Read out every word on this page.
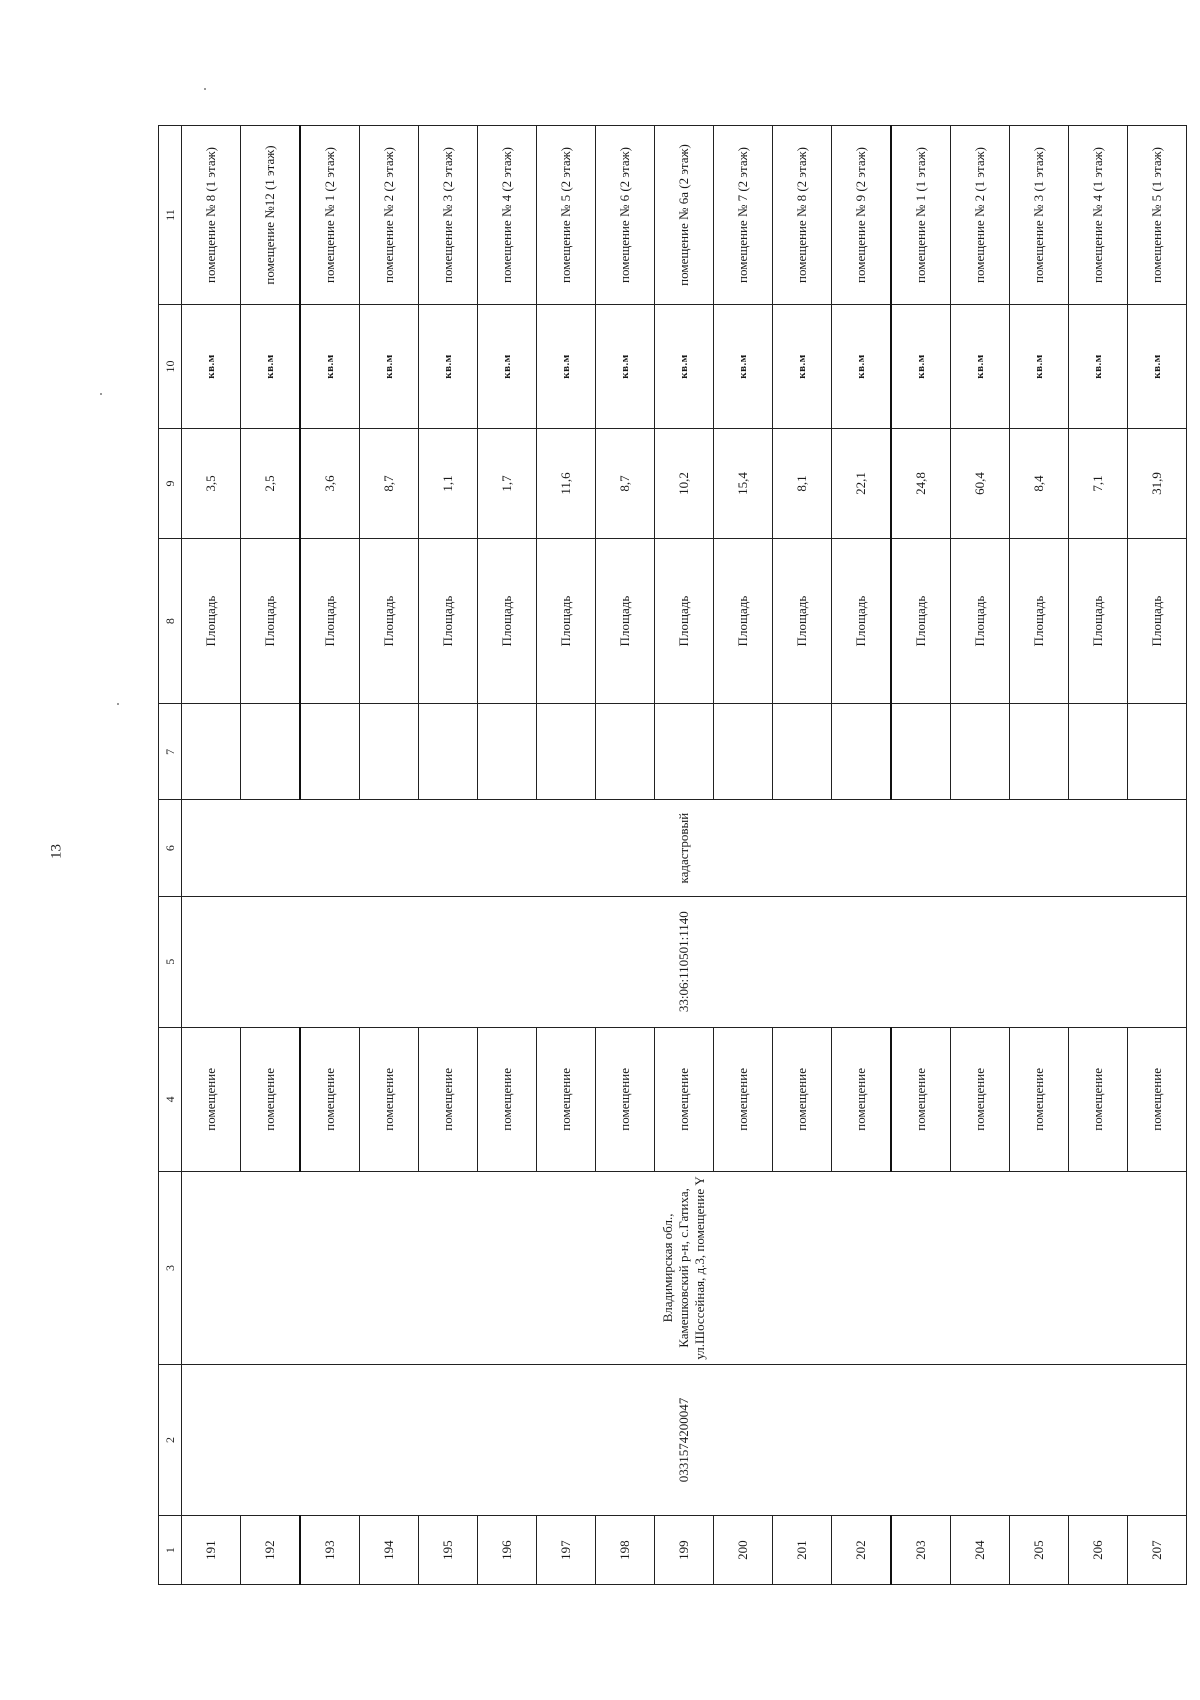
13
1	2	3	4	5	6	7	8	9	10	11
191	0331574200047	Владимирская обл., Камешковский р-н, с.Гатиха, ул.Шоссейная, д.3, помещение Y	помещение	33:06:110501:1140	кадастровый		Площадь	3,5	кв.м	помещение № 8 (1 этаж)
192			помещение				Площадь	2,5	кв.м	помещение №12 (1 этаж)
193			помещение				Площадь	3,6	кв.м	помещение № 1 (2 этаж)
194			помещение				Площадь	8,7	кв.м	помещение № 2 (2 этаж)
195			помещение				Площадь	1,1	кв.м	помещение № 3 (2 этаж)
196			помещение				Площадь	1,7	кв.м	помещение № 4 (2 этаж)
197			помещение				Площадь	11,6	кв.м	помещение № 5 (2 этаж)
198			помещение				Площадь	8,7	кв.м	помещение № 6 (2 этаж)
199			помещение				Площадь	10,2	кв.м	помещение № 6а (2 этаж)
200			помещение				Площадь	15,4	кв.м	помещение № 7 (2 этаж)
201			помещение				Площадь	8,1	кв.м	помещение № 8 (2 этаж)
202			помещение				Площадь	22,1	кв.м	помещение № 9 (2 этаж)
203			помещение				Площадь	24,8	кв.м	помещение № 1 (1 этаж)
204			помещение				Площадь	60,4	кв.м	помещение № 2 (1 этаж)
205			помещение				Площадь	8,4	кв.м	помещение № 3 (1 этаж)
206			помещение				Площадь	7,1	кв.м	помещение № 4 (1 этаж)
207			помещение				Площадь	31,9	кв.м	помещение № 5 (1 этаж)
